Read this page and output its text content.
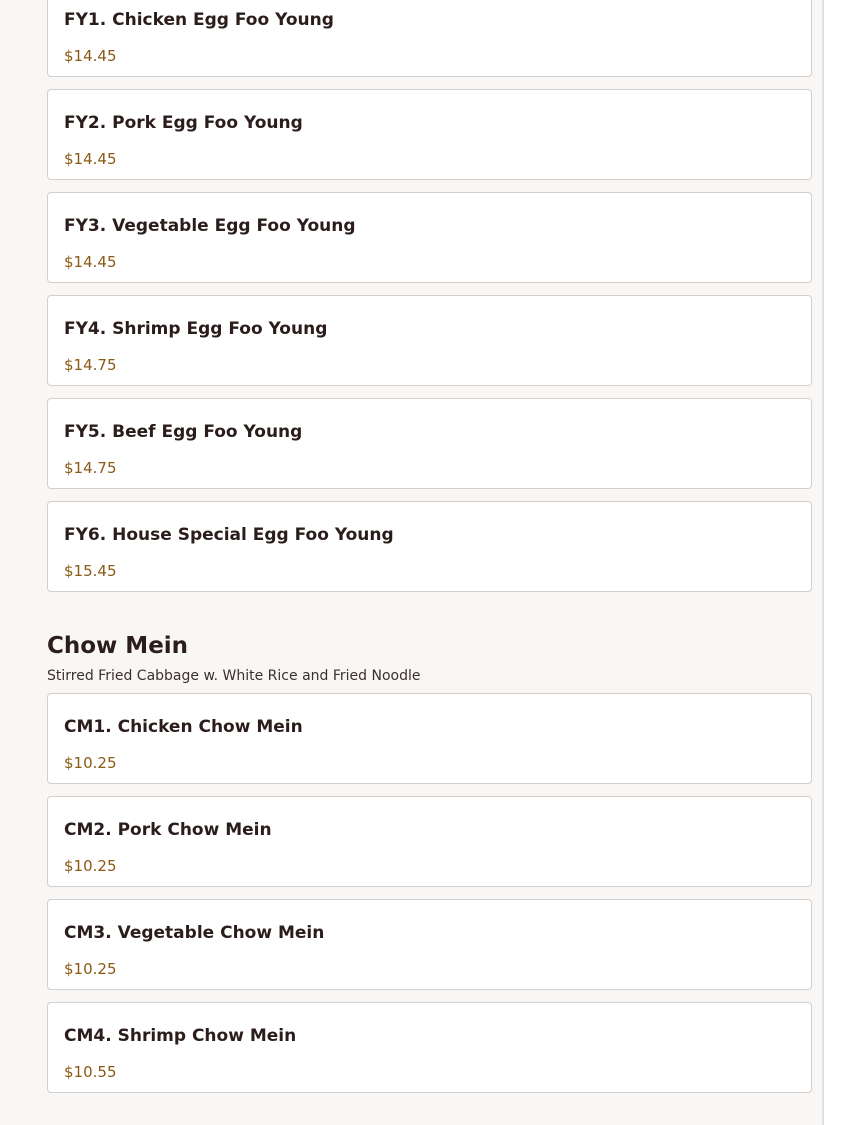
FY1. Chicken Egg Foo Young
$14.45
FY2. Pork Egg Foo Young
$14.45
FY3. Vegetable Egg Foo Young
$14.45
FY4. Shrimp Egg Foo Young
$14.75
FY5. Beef Egg Foo Young
$14.75
FY6. House Special Egg Foo Young
$15.45
Chow Mein
Stirred Fried Cabbage w. White Rice and Fried Noodle
CM1. Chicken Chow Mein
$10.25
CM2. Pork Chow Mein
$10.25
CM3. Vegetable Chow Mein
$10.25
CM4. Shrimp Chow Mein
$10.55
